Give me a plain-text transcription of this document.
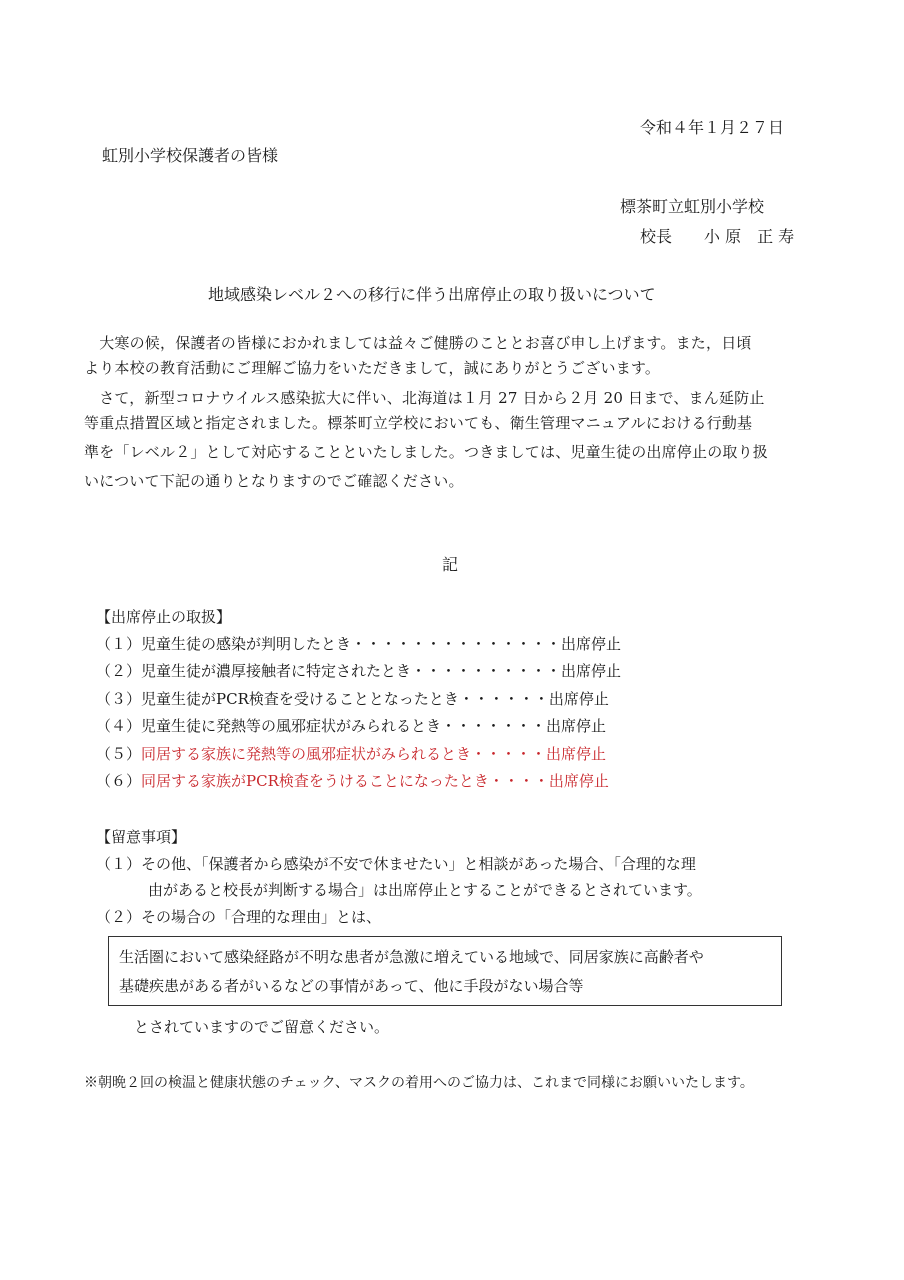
令和４年１月２７日
虹別小学校保護者の皆様
標茶町立虹別小学校
校長　　小 原　正 寿
地域感染レベル２への移行に伴う出席停止の取り扱いについて
　大寒の候，保護者の皆様におかれましては益々ご健勝のこととお喜び申し上げます。また，日頃
より本校の教育活動にご理解ご協力をいただきまして，誠にありがとうございます。
　さて，新型コロナウイルス感染拡大に伴い、北海道は１月 27 日から２月 20 日まで、まん延防止
等重点措置区域と指定されました。標茶町立学校においても、衛生管理マニュアルにおける行動基
準を「レベル２」として対応することといたしました。つきましては、児童生徒の出席停止の取り扱
いについて下記の通りとなりますのでご確認ください。
記
【出席停止の取扱】
（１）児童生徒の感染が判明したとき・・・・・・・・・・・・・・出席停止
（２）児童生徒が濃厚接触者に特定されたとき・・・・・・・・・・出席停止
（３）児童生徒がPCR検査を受けることとなったとき・・・・・・出席停止
（４）児童生徒に発熱等の風邪症状がみられるとき・・・・・・・出席停止
（５）同居する家族に発熱等の風邪症状がみられるとき・・・・・出席停止
（６）同居する家族がPCR検査をうけることになったとき・・・・出席停止
【留意事項】
（１）その他、「保護者から感染が不安で休ませたい」と相談があった場合、「合理的な理
由があると校長が判断する場合」は出席停止とすることができるとされています。
（２）その場合の「合理的な理由」とは、
生活圏において感染経路が不明な患者が急激に増えている地域で、同居家族に高齢者や
基礎疾患がある者がいるなどの事情があって、他に手段がない場合等
とされていますのでご留意ください。
※朝晩２回の検温と健康状態のチェック、マスクの着用へのご協力は、これまで同様にお願いいたします。
